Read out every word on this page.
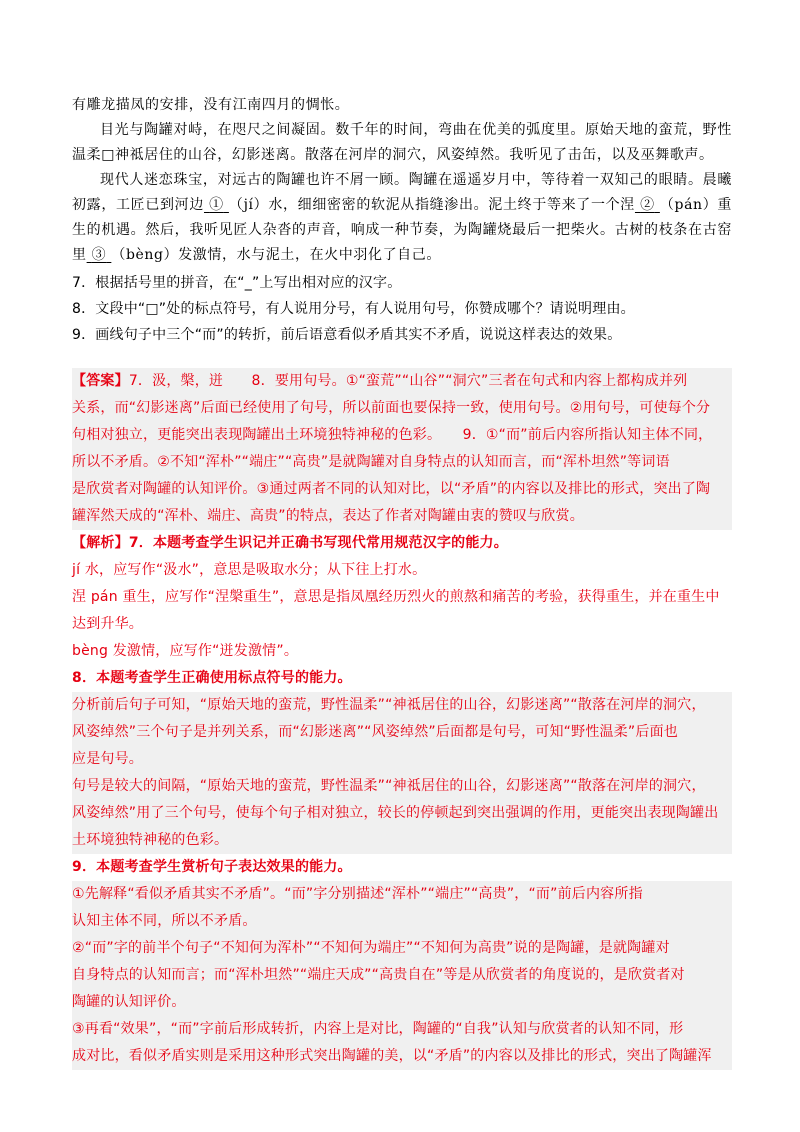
有雕龙描凤的安排，没有江南四月的惆怅。

目光与陶罐对峙，在咫尺之间凝固。数千年的时间，弯曲在优美的弧度里。原始天地的蛮荒，野性温柔□神祗居住的山谷，幻影迷离。散落在河岸的洞穴，风姿绰然。我听见了击缶，以及巫舞歌声。

现代人迷恋珠宝，对远古的陶罐也许不屑一顾。陶罐在遥遥岁月中，等待着一双知己的眼睛。晨曦初露，工匠已到河边 ① （jí）水，细细密密的软泥从指缝渗出。泥土终于等来了一个涅 ② （pán）重生的机遇。然后，我听见匠人杂沓的声音，响成一种节奏，为陶罐烧最后一把柴火。古树的枝条在古窑里 ③ （bèng）发激情，水与泥土，在火中羽化了自己。

7．根据括号里的拼音，在“_”上写出相对应的汉字。

8．文段中“□”处的标点符号，有人说用分号，有人说用句号，你赞成哪个？请说明理由。

9．画线句子中三个“而”的转折，前后语意看似矛盾其实不矛盾，说说这样表达的效果。

【答案】7．汲，槃，迸　　8．要用句号。①“蛮荒”“山谷”“洞穴”三者在句式和内容上都构成并列

关系，而“幻影迷离”后面已经使用了句号，所以前面也要保持一致，使用句号。②用句号，可使每个分

句相对独立，更能突出表现陶罐出土环境独特神秘的色彩。　　9．①“而”前后内容所指认知主体不同，

所以不矛盾。②不知“浑朴”“端庄”“高贵”是就陶罐对自身特点的认知而言，而“浑朴坦然”等词语

是欣赏者对陶罐的认知评价。③通过两者不同的认知对比，以“矛盾”的内容以及排比的形式，突出了陶

罐浑然天成的“浑朴、端庄、高贵”的特点，表达了作者对陶罐由衷的赞叹与欣赏。

【解析】7．本题考查学生识记并正确书写现代常用规范汉字的能力。

jí 水，应写作“汲水”，意思是吸取水分；从下往上打水。

涅 pán 重生，应写作“涅槃重生”，意思是指凤凰经历烈火的煎熬和痛苦的考验，获得重生，并在重生中

达到升华。

bèng 发激情，应写作“迸发激情”。

8．本题考查学生正确使用标点符号的能力。

分析前后句子可知，“原始天地的蛮荒，野性温柔”“神祗居住的山谷，幻影迷离”“散落在河岸的洞穴，

风姿绰然”三个句子是并列关系，而“幻影迷离”“风姿绰然”后面都是句号，可知“野性温柔”后面也

应是句号。

句号是较大的间隔，“原始天地的蛮荒，野性温柔”“神祗居住的山谷，幻影迷离”“散落在河岸的洞穴，

风姿绰然”用了三个句号，使每个句子相对独立，较长的停顿起到突出强调的作用，更能突出表现陶罐出

土环境独特神秘的色彩。

9．本题考查学生赏析句子表达效果的能力。

①先解释“看似矛盾其实不矛盾”。“而”字分别描述“浑朴”“端庄”“高贵”，“而”前后内容所指

认知主体不同，所以不矛盾。

②“而”字的前半个句子“不知何为浑朴”“不知何为端庄”“不知何为高贵”说的是陶罐，是就陶罐对

自身特点的认知而言；而“浑朴坦然”“端庄天成”“高贵自在”等是从欣赏者的角度说的，是欣赏者对

陶罐的认知评价。

③再看“效果”，“而”字前后形成转折，内容上是对比，陶罐的“自我”认知与欣赏者的认知不同，形

成对比，看似矛盾实则是采用这种形式突出陶罐的美，以“矛盾”的内容以及排比的形式，突出了陶罐浑
